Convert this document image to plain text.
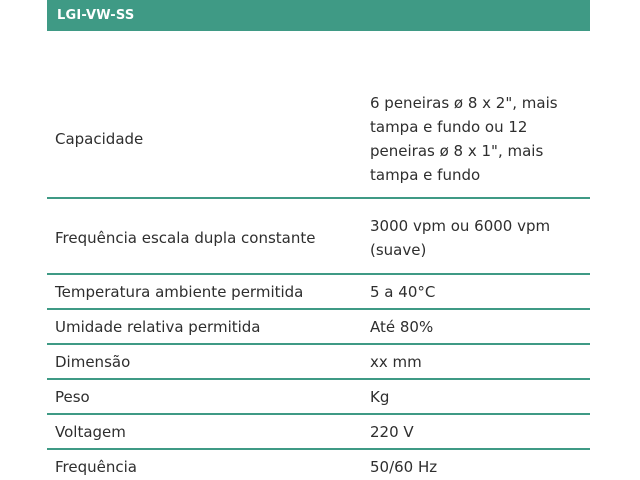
LGI-VW-SS
Capacidade	6 peneiras ø 8 x 2", mais tampa e fundo ou 12 peneiras ø 8 x 1", mais tampa e fundo
Frequência escala dupla constante	3000 vpm ou 6000 vpm (suave)
Temperatura ambiente permitida	5 a 40°C
Umidade relativa permitida	Até 80%
Dimensão	xx mm
Peso	Kg
Voltagem	220 V
Frequência	50/60 Hz
